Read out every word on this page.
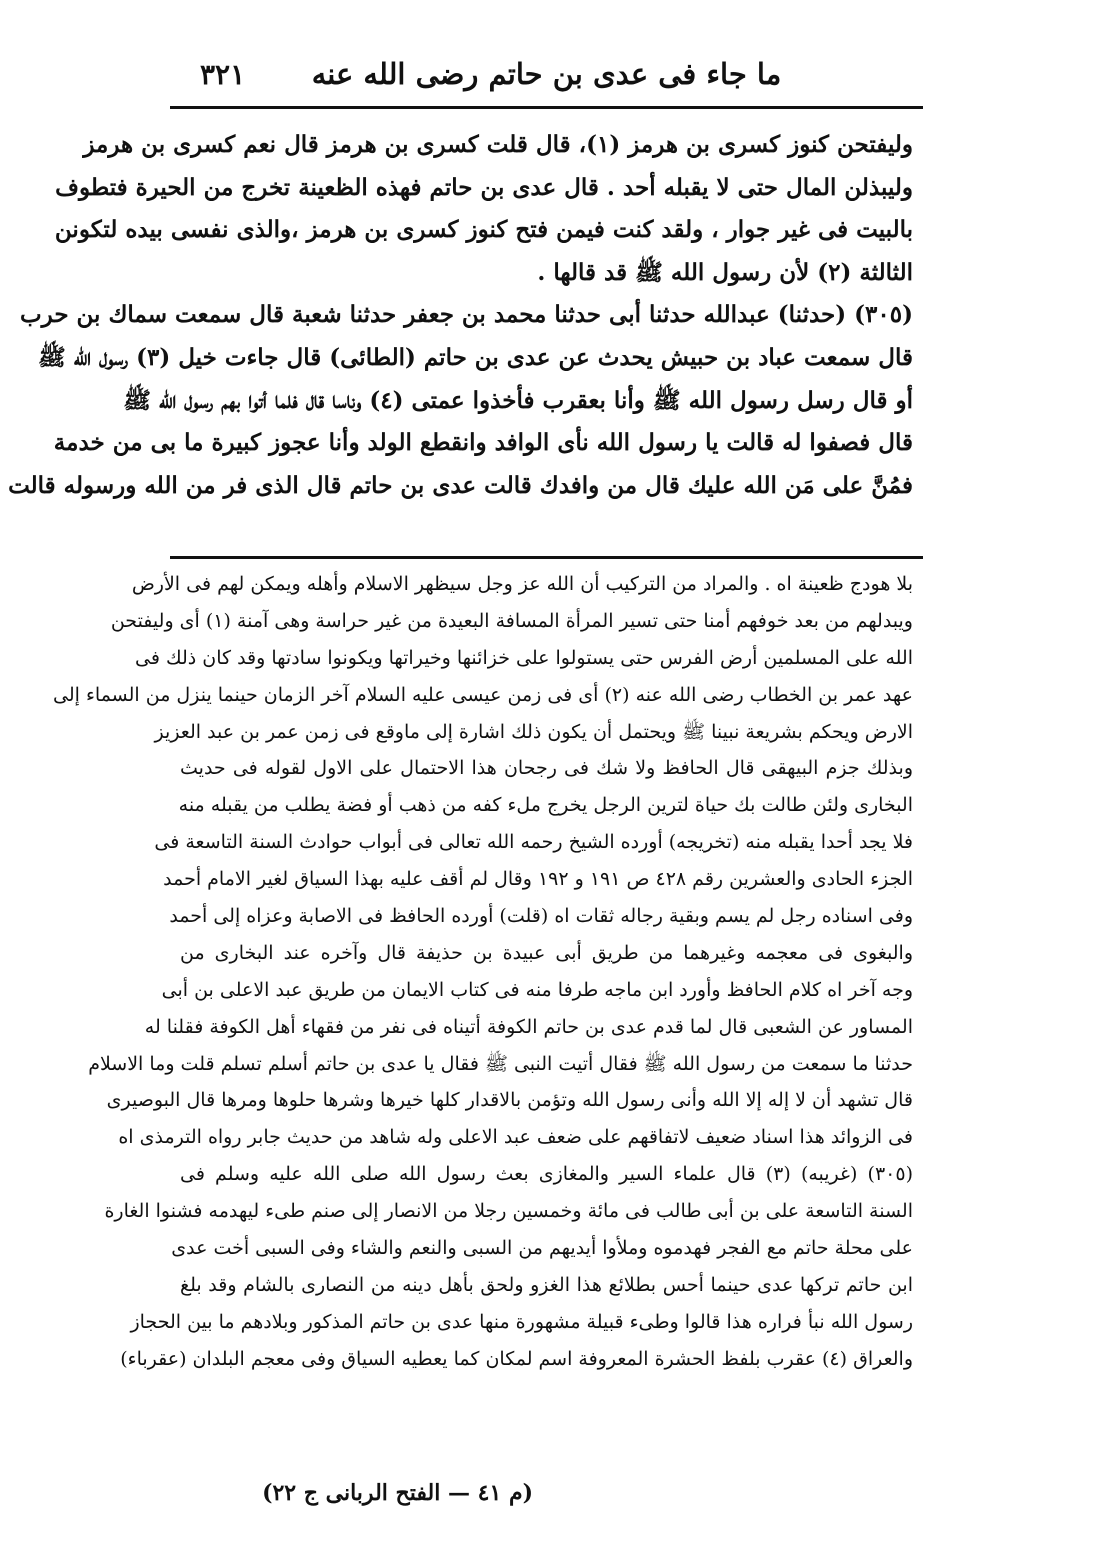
ما جاء فى عدى بن حاتم رضى الله عنه
٣٢١
وليفتحن كنوز كسرى بن هرمز (١)، قال قلت كسرى بن هرمز قال نعم كسرى بن هرمز
وليبذلن المال حتى لا يقبله أحد . قال عدى بن حاتم فهذه الظعينة تخرج من الحيرة فتطوف
بالبيت فى غير جوار ، ولقد كنت فيمن فتح كنوز كسرى بن هرمز ،والذى نفسى بيده لتكونن
الثالثة (٢) لأن رسول الله ﷺ قد قالها .
(٣٠٥) (حدثنا) عبدالله حدثنا أبى حدثنا محمد بن جعفر حدثنا شعبة قال سمعت سماك بن حرب
قال سمعت عباد بن حبيش يحدث عن عدى بن حاتم (الطائى) قال جاءت خيل (٣) رسول الله ﷺ
أو قال رسل رسول الله ﷺ وأنا بعقرب فأخذوا عمتى (٤) وناسا قال فلما أتوا بهم رسول الله ﷺ
قال فصفوا له قالت يا رسول الله نأى الوافد وانقطع الولد وأنا عجوز كبيرة ما بى من خدمة
فمُنَّ على مَن الله عليك قال من وافدك قالت عدى بن حاتم قال الذى فر من الله ورسوله قالت
بلا هودج ظعينة اه . والمراد من التركيب أن الله عز وجل سيظهر الاسلام وأهله ويمكن لهم فى الأرض
ويبدلهم من بعد خوفهم أمنا حتى تسير المرأة المسافة البعيدة من غير حراسة وهى آمنة (١) أى وليفتحن
الله على المسلمين أرض الفرس حتى يستولوا على خزائنها وخيراتها ويكونوا سادتها وقد كان ذلك فى
عهد عمر بن الخطاب رضى الله عنه (٢) أى فى زمن عيسى عليه السلام آخر الزمان حينما ينزل من السماء إلى
الارض ويحكم بشريعة نبينا ﷺ ويحتمل أن يكون ذلك اشارة إلى ماوقع فى زمن عمر بن عبد العزيز
وبذلك جزم البيهقى قال الحافظ ولا شك فى رجحان هذا الاحتمال على الاول لقوله فى حديث
البخارى ولئن طالت بك حياة لترين الرجل يخرج ملء كفه من ذهب أو فضة يطلب من يقبله منه
فلا يجد أحدا يقبله منه (تخريجه) أورده الشيخ رحمه الله تعالى فى أبواب حوادث السنة التاسعة فى
الجزء الحادى والعشرين رقم ٤٢٨ ص ١٩١ و ١٩٢ وقال لم أقف عليه بهذا السياق لغير الامام أحمد
وفى اسناده رجل لم يسم وبقية رجاله ثقات اه (قلت) أورده الحافظ فى الاصابة وعزاه إلى أحمد
والبغوى فى معجمه وغيرهما من طريق أبى عبيدة بن حذيفة قال وآخره عند البخارى من
وجه آخر اه كلام الحافظ وأورد ابن ماجه طرفا منه فى كتاب الايمان من طريق عبد الاعلى بن أبى
المساور عن الشعبى قال لما قدم عدى بن حاتم الكوفة أتيناه فى نفر من فقهاء أهل الكوفة فقلنا له
حدثنا ما سمعت من رسول الله ﷺ فقال أتيت النبى ﷺ فقال يا عدى بن حاتم أسلم تسلم قلت وما الاسلام
قال تشهد أن لا إله إلا الله وأنى رسول الله وتؤمن بالاقدار كلها خيرها وشرها حلوها ومرها قال البوصيرى
فى الزوائد هذا اسناد ضعيف لاتفاقهم على ضعف عبد الاعلى وله شاهد من حديث جابر رواه الترمذى اه
(٣٠٥) (غريبه) (٣) قال علماء السير والمغازى بعث رسول الله صلى الله عليه وسلم فى
السنة التاسعة على بن أبى طالب فى مائة وخمسين رجلا من الانصار إلى صنم طىء ليهدمه فشنوا الغارة
على محلة حاتم مع الفجر فهدموه وملأوا أيديهم من السبى والنعم والشاء وفى السبى أخت عدى
ابن حاتم تركها عدى حينما أحس بطلائع هذا الغزو ولحق بأهل دينه من النصارى بالشام وقد بلغ
رسول الله نبأ فراره هذا قالوا وطىء قبيلة مشهورة منها عدى بن حاتم المذكور وبلادهم ما بين الحجاز
والعراق (٤) عقرب بلفظ الحشرة المعروفة اسم لمكان كما يعطيه السياق وفى معجم البلدان (عقرباء)
(م ٤١ — الفتح الربانى ج ٢٢)
